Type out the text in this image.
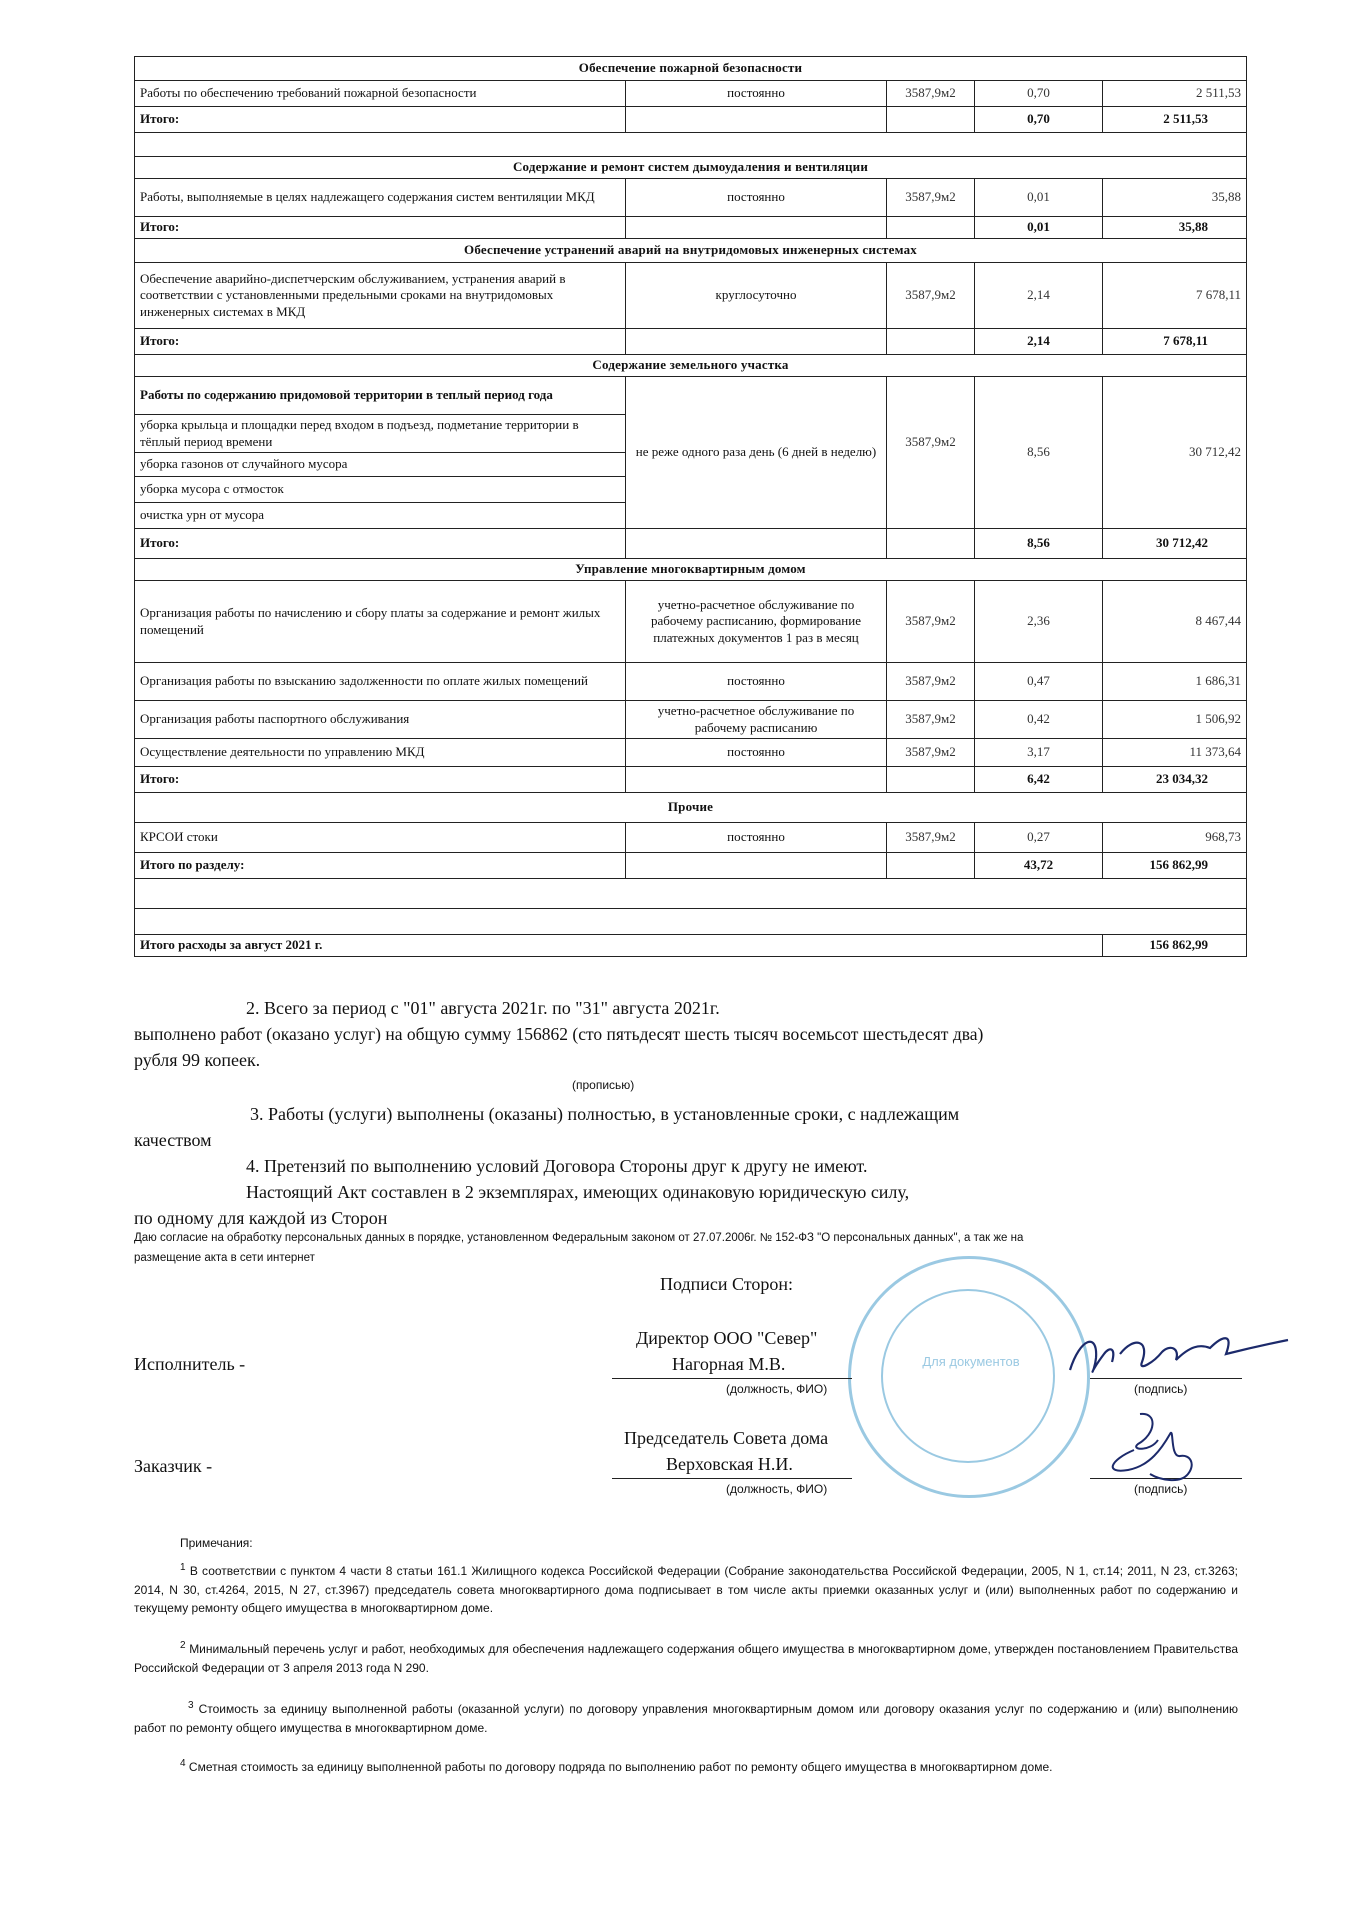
Обеспечение пожарной безопасности				
Работы по обеспечению требований пожарной безопасности	постоянно	3587,9м2	0,70	2 511,53
Итого:			0,70	2 511,53

Содержание и ремонт систем дымоудаления и вентиляции				
Работы, выполняемые в целях надлежащего содержания систем вентиляции МКД	постоянно	3587,9м2	0,01	35,88
Итого:			0,01	35,88
Обеспечение устранений аварий на внутридомовых инженерных системах				
Обеспечение аварийно-диспетчерским обслуживанием, устранения аварий в соответствии с установленными предельными сроками на внутридомовых инженерных системах в МКД	круглосуточно	3587,9м2	2,14	7 678,11
Итого:			2,14	7 678,11
Содержание земельного участка				
Работы по содержанию придомовой территории в теплый период года	не реже одного раза день (6 дней в неделю)	3587,9м2	8,56	30 712,42
уборка крыльца и площадки перед входом в подъезд, подметание территории в тёплый период времени				
уборка газонов от случайного мусора				
уборка мусора с отмосток				
очистка урн от мусора				
Итого:			8,56	30 712,42
Управление многоквартирным домом				
Организация работы по начислению и сбору платы за содержание и ремонт жилых помещений	учетно-расчетное обслуживание по рабочему расписанию, формирование платежных документов 1 раз в месяц	3587,9м2	2,36	8 467,44
Организация работы по взысканию задолженности по оплате жилых помещений	постоянно	3587,9м2	0,47	1 686,31
Организация работы паспортного обслуживания	учетно-расчетное обслуживание по рабочему расписанию	3587,9м2	0,42	1 506,92
Осуществление деятельности по управлению МКД	постоянно	3587,9м2	3,17	11 373,64
Итого:			6,42	23 034,32
Прочие				
КРСОИ стоки	постоянно	3587,9м2	0,27	968,73
Итого по разделу:			43,72	156 862,99

Итого расходы за август 2021 г.				156 862,99
2. Всего за период с "01" августа 2021г. по "31" августа 2021г.
выполнено работ (оказано услуг) на общую сумму 156862 (сто пятьдесят шесть тысяч восемьсот шестьдесят два)
рубля 99 копеек.
(прописью)
3. Работы (услуги) выполнены (оказаны) полностью, в установленные сроки, с надлежащим
качеством
4. Претензий по выполнению условий Договора Стороны друг к другу не имеют.
Настоящий Акт составлен в 2 экземплярах, имеющих одинаковую юридическую силу,
по одному для каждой из Сторон
Даю согласие на обработку персональных данных в порядке, установленном Федеральным законом от 27.07.2006г. № 152-ФЗ "О персональных данных", а так же на
размещение акта в сети интернет
Для документов
Подписи Сторон:
Исполнитель -
Директор ООО "Север"
Нагорная М.В.
(должность, ФИО)	(подпись)
Заказчик -
Председатель Совета дома
Верховская Н.И.
(должность, ФИО)	(подпись)
Примечания:
$^1$ В соответствии с пунктом 4 части 8 статьи 161.1 Жилищного кодекса Российской Федерации (Собрание законодательства Российской Федерации, 2005, N 1, ст.14; 2011, N 23, ст.3263; 2014, N 30, ст.4264, 2015, N 27, ст.3967) председатель совета многоквартирного дома подписывает в том числе акты приемки оказанных услуг и (или) выполненных работ по содержанию и текущему ремонту общего имущества в многоквартирном доме.
$^2$ Минимальный перечень услуг и работ, необходимых для обеспечения надлежащего содержания общего имущества в многоквартирном доме, утвержден постановлением Правительства Российской Федерации от 3 апреля 2013 года N 290.
$^3$ Стоимость за единицу выполненной работы (оказанной услуги) по договору управления многоквартирным домом или договору оказания услуг по содержанию и (или) выполнению работ по ремонту общего имущества в многоквартирном доме.
$^4$ Сметная стоимость за единицу выполненной работы по договору подряда по выполнению работ по ремонту общего имущества в многоквартирном доме.
